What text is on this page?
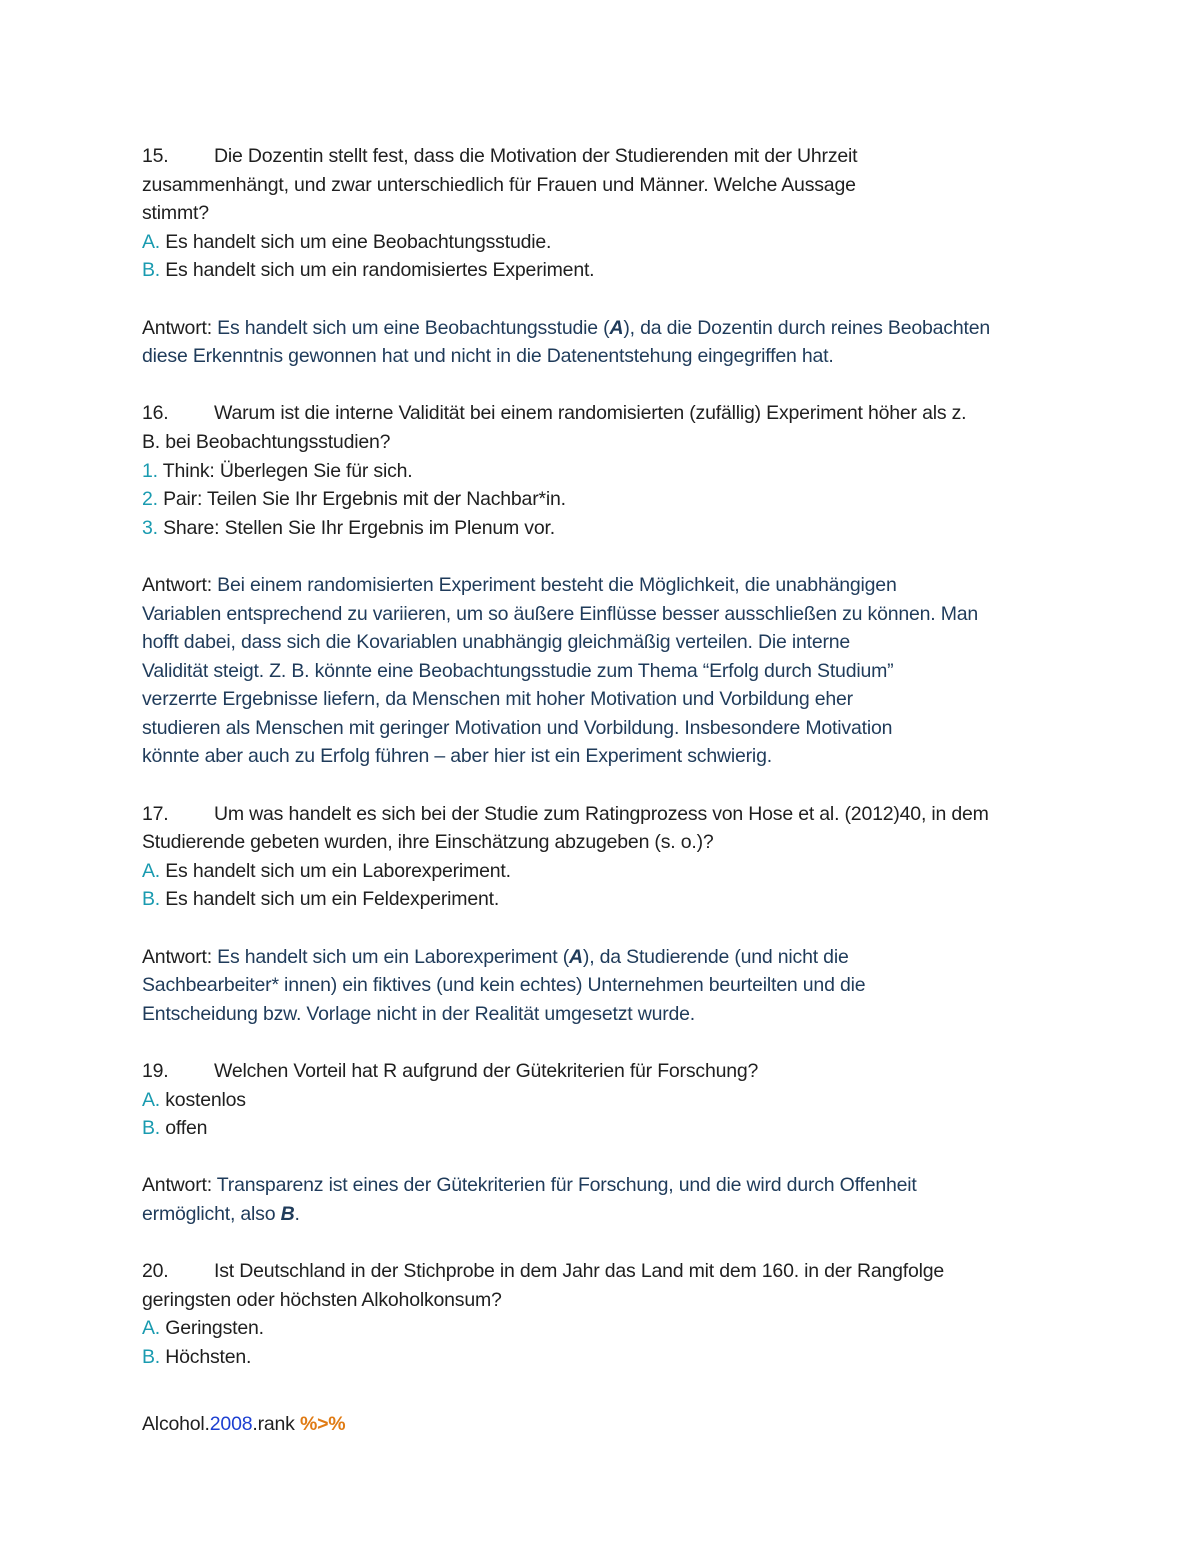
15.	Die Dozentin stellt fest, dass die Motivation der Studierenden mit der Uhrzeit
zusammenhängt, und zwar unterschiedlich für Frauen und Männer. Welche Aussage
stimmt?
A. Es handelt sich um eine Beobachtungsstudie.
B. Es handelt sich um ein randomisiertes Experiment.
Antwort: Es handelt sich um eine Beobachtungsstudie (A), da die Dozentin durch reines Beobachten
diese Erkenntnis gewonnen hat und nicht in die Datenentstehung eingegriffen hat.
16.	Warum ist die interne Validität bei einem randomisierten (zufällig) Experiment höher als z.
B. bei Beobachtungsstudien?
1. Think: Überlegen Sie für sich.
2. Pair: Teilen Sie Ihr Ergebnis mit der Nachbar*in.
3. Share: Stellen Sie Ihr Ergebnis im Plenum vor.
Antwort: Bei einem randomisierten Experiment besteht die Möglichkeit, die unabhängigen
Variablen entsprechend zu variieren, um so äußere Einflüsse besser ausschließen zu können. Man
hofft dabei, dass sich die Kovariablen unabhängig gleichmäßig verteilen. Die interne
Validität steigt. Z. B. könnte eine Beobachtungsstudie zum Thema “Erfolg durch Studium”
verzerrte Ergebnisse liefern, da Menschen mit hoher Motivation und Vorbildung eher
studieren als Menschen mit geringer Motivation und Vorbildung. Insbesondere Motivation
könnte aber auch zu Erfolg führen – aber hier ist ein Experiment schwierig.
17.	Um was handelt es sich bei der Studie zum Ratingprozess von Hose et al. (2012)40, in dem
Studierende gebeten wurden, ihre Einschätzung abzugeben (s. o.)?
A. Es handelt sich um ein Laborexperiment.
B. Es handelt sich um ein Feldexperiment.
Antwort: Es handelt sich um ein Laborexperiment (A), da Studierende (und nicht die
Sachbearbeiter* innen) ein fiktives (und kein echtes) Unternehmen beurteilten und die
Entscheidung bzw. Vorlage nicht in der Realität umgesetzt wurde.
19.	Welchen Vorteil hat R aufgrund der Gütekriterien für Forschung?
A. kostenlos
B. offen
Antwort: Transparenz ist eines der Gütekriterien für Forschung, und die wird durch Offenheit
ermöglicht, also B.
20.	Ist Deutschland in der Stichprobe in dem Jahr das Land mit dem 160. in der Rangfolge
geringsten oder höchsten Alkoholkonsum?
A. Geringsten.
B. Höchsten.
Alcohol.2008.rank %>%
